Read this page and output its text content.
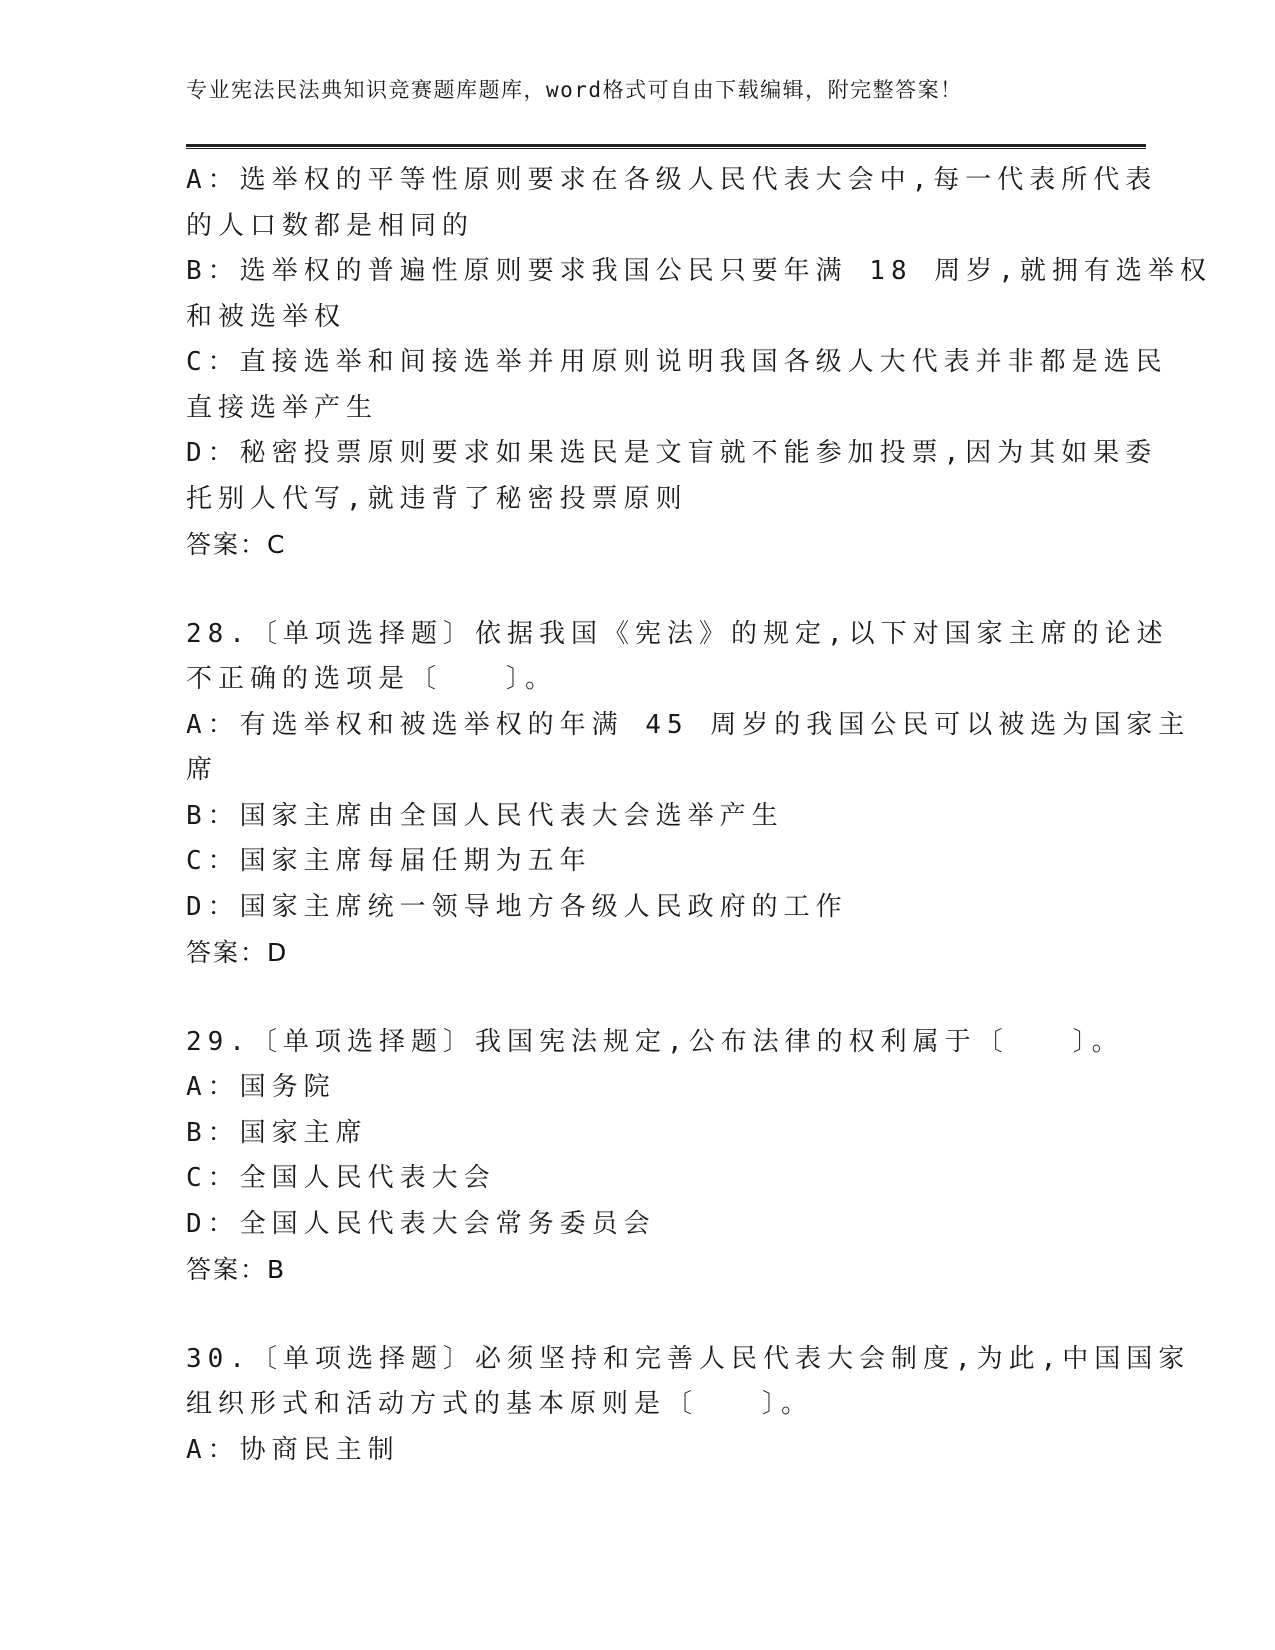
专业宪法民法典知识竞赛题库题库，word格式可自由下载编辑，附完整答案！
A：选举权的平等性原则要求在各级人民代表大会中,每一代表所代表
的人口数都是相同的
B：选举权的普遍性原则要求我国公民只要年满 18 周岁,就拥有选举权
和被选举权
C：直接选举和间接选举并用原则说明我国各级人大代表并非都是选民
直接选举产生
D：秘密投票原则要求如果选民是文盲就不能参加投票,因为其如果委
托别人代写,就违背了秘密投票原则
答案：C
28.〔单项选择题〕依据我国《宪法》的规定,以下对国家主席的论述
不正确的选项是〔　　〕。
A：有选举权和被选举权的年满 45 周岁的我国公民可以被选为国家主
席
B：国家主席由全国人民代表大会选举产生
C：国家主席每届任期为五年
D：国家主席统一领导地方各级人民政府的工作
答案：D
29.〔单项选择题〕我国宪法规定,公布法律的权利属于〔　　〕。
A：国务院
B：国家主席
C：全国人民代表大会
D：全国人民代表大会常务委员会
答案：B
30.〔单项选择题〕必须坚持和完善人民代表大会制度,为此,中国国家
组织形式和活动方式的基本原则是〔　　〕。
A：协商民主制
